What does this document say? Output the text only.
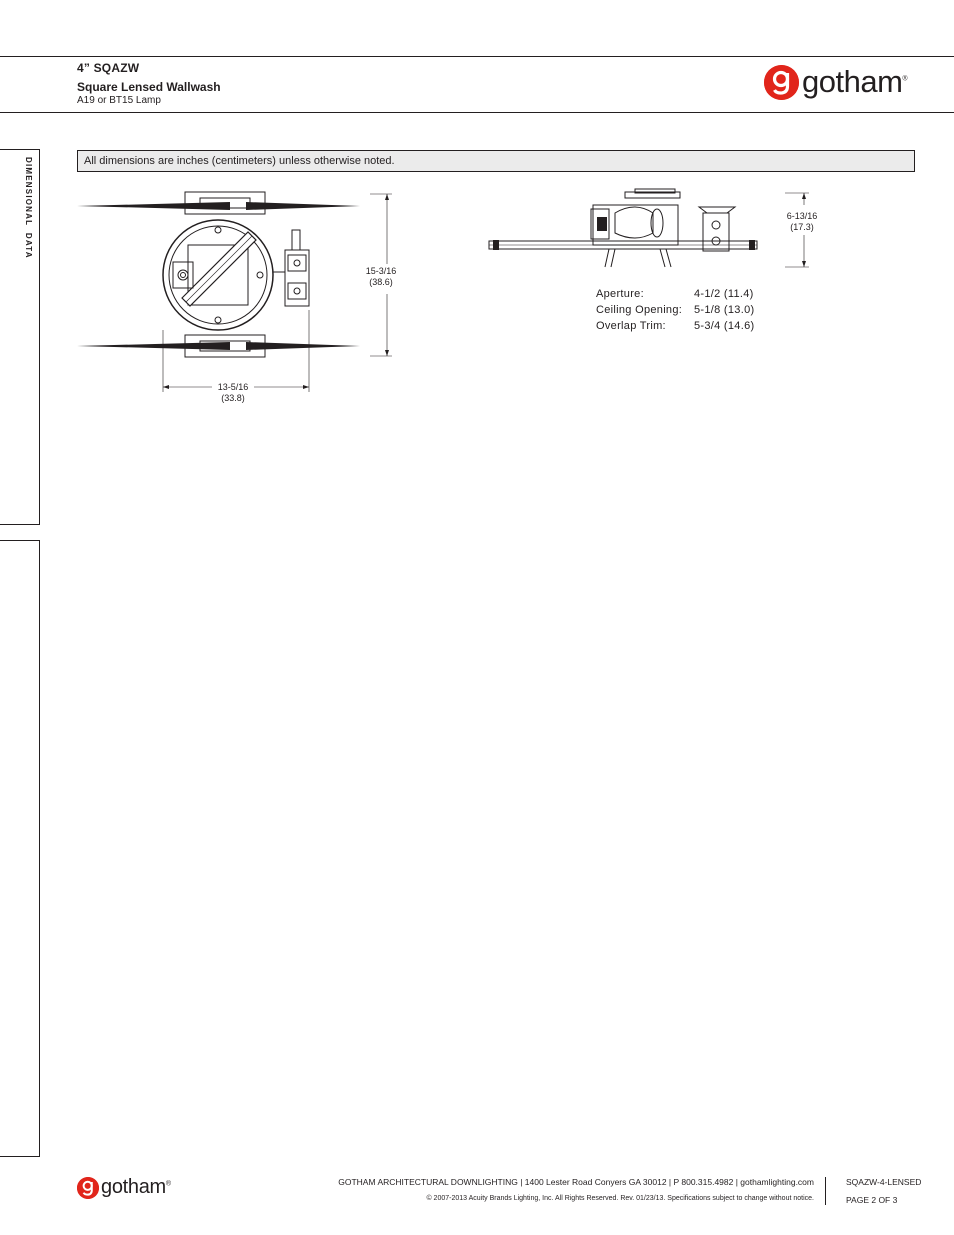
4” SQAZW
Square Lensed Wallwash
A19 or BT15 Lamp
gotham®
DIMENSIONAL  DATA	All dimensions are inches (centimeters) unless otherwise noted.
15-3/16
(38.6)
13-5/16
(33.8)
6-13/16
(17.3)
Aperture:	4-1/2 (11.4)
Ceiling Opening:	5-1/8 (13.0)
Overlap Trim:	5-3/4 (14.6)
gotham®	GOTHAM ARCHITECTURAL DOWNLIGHTING | 1400 Lester Road Conyers GA 30012 | P 800.315.4982 | gothamlighting.com
© 2007-2013 Acuity Brands Lighting, Inc. All Rights Reserved. Rev. 01/23/13. Specifications subject to change without notice.
SQAZW-4-LENSED
PAGE 2 OF 3
